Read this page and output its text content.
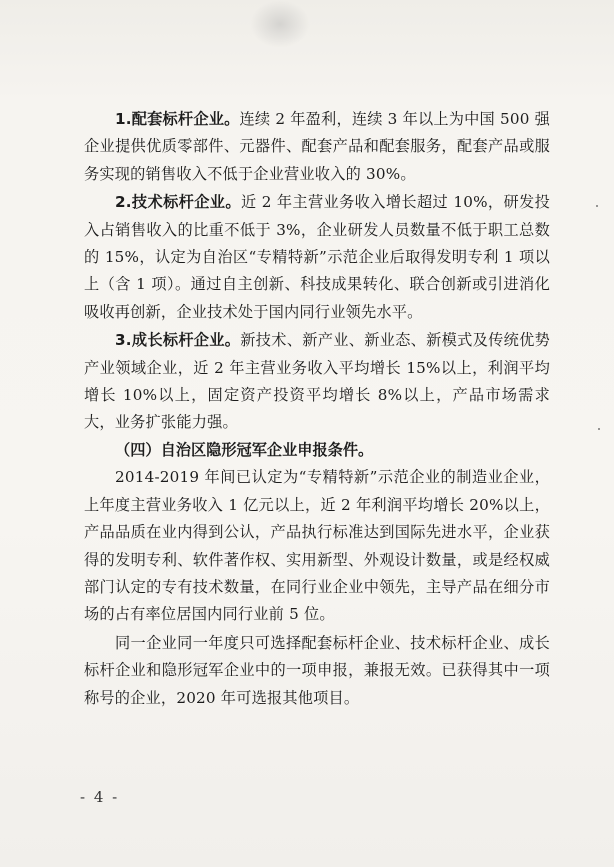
1.配套标杆企业。连续 2 年盈利，连续 3 年以上为中国 500 强企业提供优质零部件、元器件、配套产品和配套服务，配套产品或服务实现的销售收入不低于企业营业收入的 30%。

2.技术标杆企业。近 2 年主营业务收入增长超过 10%，研发投入占销售收入的比重不低于 3%，企业研发人员数量不低于职工总数的 15%，认定为自治区“专精特新”示范企业后取得发明专利 1 项以上（含 1 项）。通过自主创新、科技成果转化、联合创新或引进消化吸收再创新，企业技术处于国内同行业领先水平。

3.成长标杆企业。新技术、新产业、新业态、新模式及传统优势产业领域企业，近 2 年主营业务收入平均增长 15%以上，利润平均增长 10%以上，固定资产投资平均增长 8%以上，产品市场需求大，业务扩张能力强。

（四）自治区隐形冠军企业申报条件。

2014-2019 年间已认定为“专精特新”示范企业的制造业企业，上年度主营业务收入 1 亿元以上，近 2 年利润平均增长 20%以上，产品品质在业内得到公认，产品执行标准达到国际先进水平，企业获得的发明专利、软件著作权、实用新型、外观设计数量，或是经权威部门认定的专有技术数量，在同行业企业中领先，主导产品在细分市场的占有率位居国内同行业前 5 位。

同一企业同一年度只可选择配套标杆企业、技术标杆企业、成长标杆企业和隐形冠军企业中的一项申报，兼报无效。已获得其中一项称号的企业，2020 年可选报其他项目。

- 4 -
